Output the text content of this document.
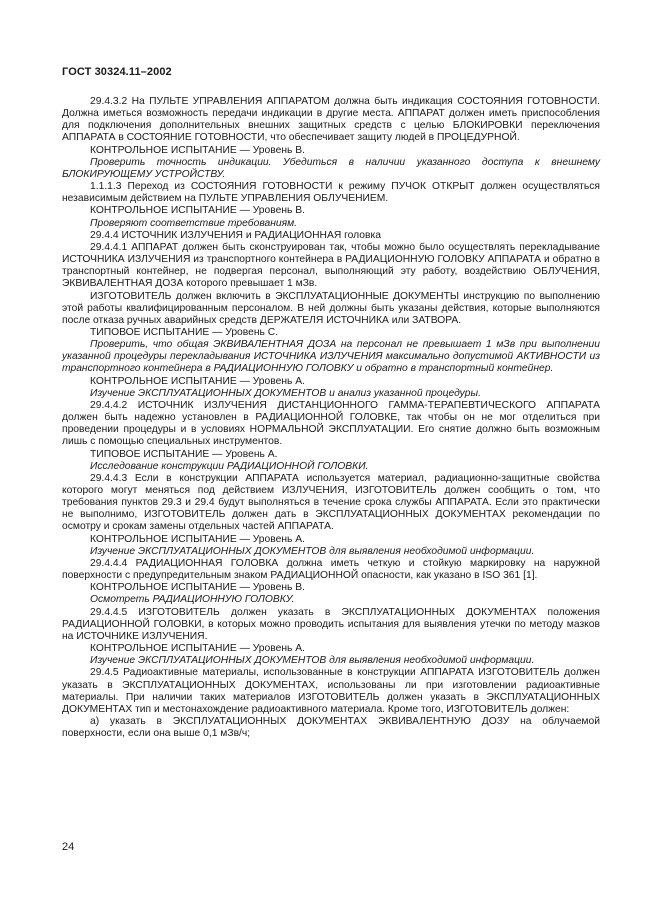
ГОСТ 30324.11–2002

29.4.3.2 На ПУЛЬТЕ УПРАВЛЕНИЯ АППАРАТОМ должна быть индикация СОСТОЯНИЯ ГОТОВНОСТИ. Должна иметься возможность передачи индикации в другие места. АППАРАТ должен иметь приспособления для подключения дополнительных внешних защитных средств с целью БЛОКИРОВКИ переключения АППАРАТА в СОСТОЯНИЕ ГОТОВНОСТИ, что обеспечивает защиту людей в ПРОЦЕДУРНОЙ.

КОНТРОЛЬНОЕ ИСПЫТАНИЕ — Уровень В.

Проверить точность индикации. Убедиться в наличии указанного доступа к внешнему БЛОКИРУЮЩЕМУ УСТРОЙСТВУ.

1.1.1.3 Переход из СОСТОЯНИЯ ГОТОВНОСТИ к режиму ПУЧОК ОТКРЫТ должен осуществляться независимым действием на ПУЛЬТЕ УПРАВЛЕНИЯ ОБЛУЧЕНИЕМ.

КОНТРОЛЬНОЕ ИСПЫТАНИЕ — Уровень В.

Проверяют соответствие требованиям.

29.4.4 ИСТОЧНИК ИЗЛУЧЕНИЯ и РАДИАЦИОННАЯ головка

29.4.4.1 АППАРАТ должен быть сконструирован так, чтобы можно было осуществлять перекладывание ИСТОЧНИКА ИЗЛУЧЕНИЯ из транспортного контейнера в РАДИАЦИОННУЮ ГОЛОВКУ АППАРАТА и обратно в транспортный контейнер, не подвергая персонал, выполняющий эту работу, воздействию ОБЛУЧЕНИЯ, ЭКВИВАЛЕНТНАЯ ДОЗА которого превышает 1 мЗв.

ИЗГОТОВИТЕЛЬ должен включить в ЭКСПЛУАТАЦИОННЫЕ ДОКУМЕНТЫ инструкцию по выполнению этой работы квалифицированным персоналом. В ней должны быть указаны действия, которые выполняются после отказа ручных аварийных средств ДЕРЖАТЕЛЯ ИСТОЧНИКА или ЗАТВОРА.

ТИПОВОЕ ИСПЫТАНИЕ — Уровень С.

Проверить, что общая ЭКВИВАЛЕНТНАЯ ДОЗА на персонал не превышает 1 мЗв при выполнении указанной процедуры перекладывания ИСТОЧНИКА ИЗЛУЧЕНИЯ максимально допустимой АКТИВНОСТИ из транспортного контейнера в РАДИАЦИОННУЮ ГОЛОВКУ и обратно в транспортный контейнер.

КОНТРОЛЬНОЕ ИСПЫТАНИЕ — Уровень А.

Изучение ЭКСПЛУАТАЦИОННЫХ ДОКУМЕНТОВ и анализ указанной процедуры.

29.4.4.2 ИСТОЧНИК ИЗЛУЧЕНИЯ ДИСТАНЦИОННОГО ГАММА-ТЕРАПЕВТИЧЕСКОГО АППАРАТА должен быть надежно установлен в РАДИАЦИОННОЙ ГОЛОВКЕ, так чтобы он не мог отделиться при проведении процедуры и в условиях НОРМАЛЬНОЙ ЭКСПЛУАТАЦИИ. Его снятие должно быть возможным лишь с помощью специальных инструментов.

ТИПОВОЕ ИСПЫТАНИЕ — Уровень А.

Исследование конструкции РАДИАЦИОННОЙ ГОЛОВКИ.

29.4.4.3 Если в конструкции АППАРАТА используется материал, радиационно-защитные свойства которого могут меняться под действием ИЗЛУЧЕНИЯ, ИЗГОТОВИТЕЛЬ должен сообщить о том, что требования пунктов 29.3 и 29.4 будут выполняться в течение срока службы АППАРАТА. Если это практически не выполнимо, ИЗГОТОВИТЕЛЬ должен дать в ЭКСПЛУАТАЦИОННЫХ ДОКУМЕНТАХ рекомендации по осмотру и срокам замены отдельных частей АППАРАТА.

КОНТРОЛЬНОЕ ИСПЫТАНИЕ — Уровень А.

Изучение ЭКСПЛУАТАЦИОННЫХ ДОКУМЕНТОВ для выявления необходимой информации.

29.4.4.4 РАДИАЦИОННАЯ ГОЛОВКА должна иметь четкую и стойкую маркировку на наружной поверхности с предупредительным знаком РАДИАЦИОННОЙ опасности, как указано в ISO 361 [1].

КОНТРОЛЬНОЕ ИСПЫТАНИЕ — Уровень В.

Осмотреть РАДИАЦИОННУЮ ГОЛОВКУ.

29.4.4.5 ИЗГОТОВИТЕЛЬ должен указать в ЭКСПЛУАТАЦИОННЫХ ДОКУМЕНТАХ положения РАДИАЦИОННОЙ ГОЛОВКИ, в которых можно проводить испытания для выявления утечки по методу мазков на ИСТОЧНИКЕ ИЗЛУЧЕНИЯ.

КОНТРОЛЬНОЕ ИСПЫТАНИЕ — Уровень А.

Изучение ЭКСПЛУАТАЦИОННЫХ ДОКУМЕНТОВ для выявления необходимой информации.

29.4.5 Радиоактивные материалы, использованные в конструкции АППАРАТА ИЗГОТОВИТЕЛЬ должен указать в ЭКСПЛУАТАЦИОННЫХ ДОКУМЕНТАХ, использованы ли при изготовлении радиоактивные материалы. При наличии таких материалов ИЗГОТОВИТЕЛЬ должен указать в ЭКСПЛУАТАЦИОННЫХ ДОКУМЕНТАХ тип и местонахождение радиоактивного материала. Кроме того, ИЗГОТОВИТЕЛЬ должен:

а) указать в ЭКСПЛУАТАЦИОННЫХ ДОКУМЕНТАХ ЭКВИВАЛЕНТНУЮ ДОЗУ на облучаемой поверхности, если она выше 0,1 мЗв/ч;

24
